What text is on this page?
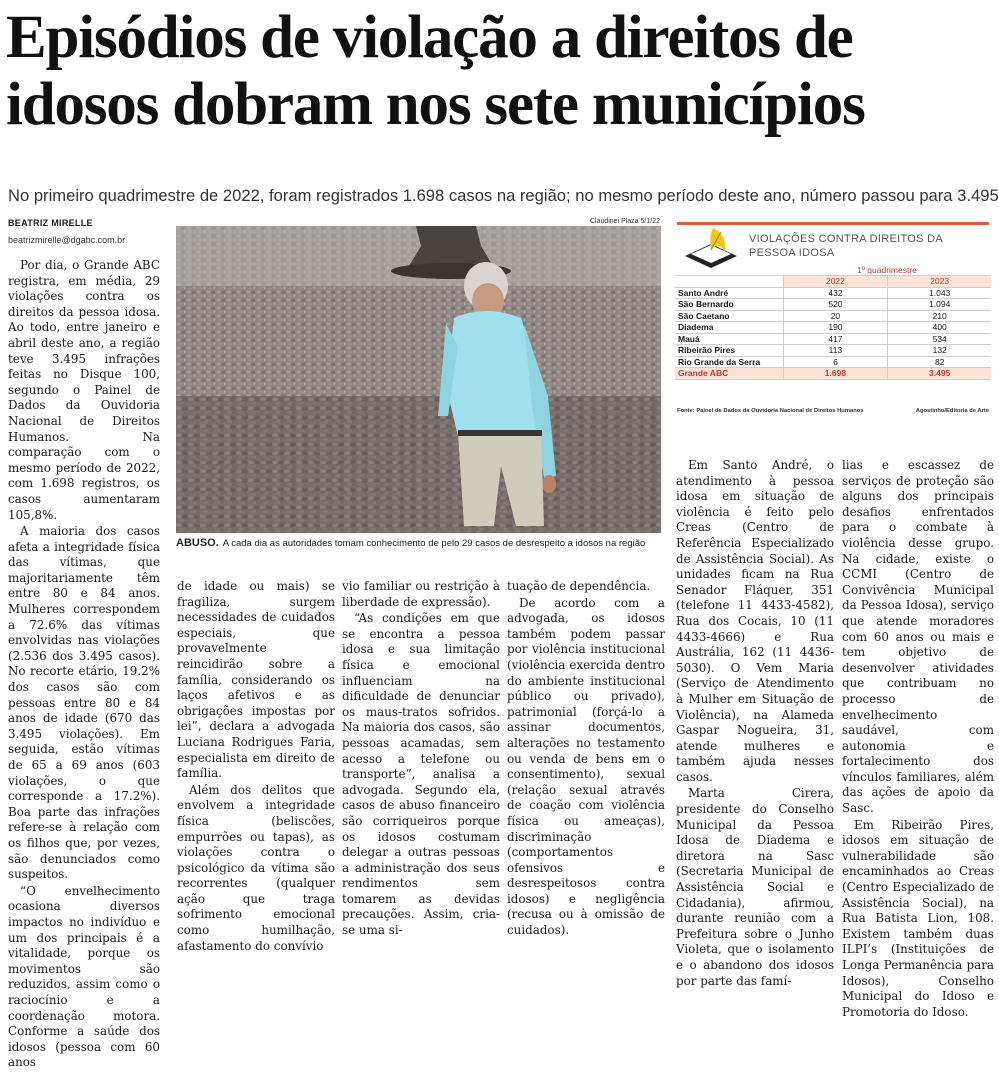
Episódios de violação a direitos de
idosos dobram nos sete municípios
No primeiro quadrimestre de 2022, foram registrados 1.698 casos na região; no mesmo período deste ano, número passou para 3.495
BEATRIZ MIRELLE
beatrizmirelle@dgabc.com.br

Por dia, o Grande ABC registra, em média, 29 violações contra os direitos da pessoa idosa. Ao todo, entre janeiro e abril deste ano, a região teve 3.495 infrações feitas no Disque 100, segundo o Painel de Dados da Ouvidoria Nacional de Direitos Humanos. Na comparação com o mesmo período de 2022, com 1.698 registros, os casos aumentaram 105,8%.

A maioria dos casos afeta a integridade física das vítimas, que majoritariamente têm entre 80 e 84 anos. Mulheres correspondem a 72.6% das vítimas envolvidas nas violações (2.536 dos 3.495 casos). No recorte etário, 19.2% dos casos são com pessoas entre 80 e 84 anos de idade (670 das 3.495 violações). Em seguida, estão vítimas de 65 a 69 anos (603 violações, o que corresponde a 17.2%). Boa parte das infrações refere-se à relação com os filhos que, por vezes, são denunciados como suspeitos.

“O envelhecimento ocasiona diversos impactos no indivíduo e um dos principais é a vitalidade, porque os movimentos são reduzidos, assim como o raciocínio e a coordenação motora. Conforme a saúde dos idosos (pessoa com 60 anos

Claudinei Plaza 5/1/22
ABUSO. A cada dia as autoridades tomam conhecimento de pelo 29 casos de desrespeito a idosos na região
VIOLAÇÕES CONTRA DIREITOS DA PESSOA IDOSA
	1º quadrimestre	
	2022	2023
Santo André	432	1.043
São Bernardo	520	1.094
São Caetano	20	210
Diadema	190	400
Mauá	417	534
Ribeirão Pires	113	132
Rio Grande da Serra	6	82
Grande ABC	1.698	3.495
Fonte: Painel de Dados da Ouvidoria Nacional de Direitos Humanos	Agostinho/Editoria de Arte

de idade ou mais) se fragiliza, surgem necessidades de cuidados especiais, que provavelmente reincidirão sobre a família, considerando os laços afetivos e as obrigações impostas por lei”, declara a advogada Luciana Rodrigues Faria, especialista em direito de família.

Além dos delitos que envolvem a integridade física (beliscões, empurrões ou tapas), as violações contra o psicológico da vítima são recorrentes (qualquer ação que traga sofrimento emocional como humilhação, afastamento do convívio

vio familiar ou restrição à liberdade de expressão).

“As condições em que se encontra a pessoa idosa e sua limitação física e emocional influenciam na dificuldade de denunciar os maus-tratos sofridos. Na maioria dos casos, são pessoas acamadas, sem acesso a telefone ou transporte”, analisa a advogada. Segundo ela, casos de abuso financeiro são corriqueiros porque os idosos costumam delegar a outras pessoas a administração dos seus rendimentos sem tomarem as devidas precauções. Assim, cria-se uma si-

tuação de dependência.

De acordo com a advogada, os idosos também podem passar por violência institucional (violência exercida dentro do ambiente institucional público ou privado), patrimonial (forçá-lo a assinar documentos, alterações no testamento ou venda de bens em o consentimento), sexual (relação sexual através de coação com violência física ou ameaças), discriminação (comportamentos ofensivos e desrespeitosos contra idosos) e negligência (recusa ou à omissão de cuidados).

Em Santo André, o atendimento à pessoa idosa em situação de violência é feito pelo Creas (Centro de Referência Especializado de Assistência Social). As unidades ficam na Rua Senador Fláquer, 351 (telefone 11 4433-4582), Rua dos Cocais, 10 (11 4433-4666) e Rua Austrália, 162 (11 4436-5030). O Vem Maria (Serviço de Atendimento à Mulher em Situação de Violência), na Alameda Gaspar Nogueira, 31, atende mulheres e também ajuda nesses casos.

Marta Cirera, presidente do Conselho Municipal da Pessoa Idosa de Diadema e diretora na Sasc (Secretaria Municipal de Assistência Social e Cidadania), afirmou, durante reunião com a Prefeitura sobre o Junho Violeta, que o isolamento e o abandono dos idosos por parte das famí-

lias e escassez de serviços de proteção são alguns dos principais desafios enfrentados para o combate à violência desse grupo. Na cidade, existe o CCMI (Centro de Convivência Municipal da Pessoa Idosa), serviço que atende moradores com 60 anos ou mais e tem objetivo de desenvolver atividades que contribuam no processo de envelhecimento saudável, com autonomia e fortalecimento dos vínculos familiares, além das ações de apoio da Sasc.

Em Ribeirão Pires, idosos em situação de vulnerabilidade são encaminhados ao Creas (Centro Especializado de Assistência Social), na Rua Batista Lion, 108. Existem também duas ILPI’s (Instituições de Longa Permanência para Idosos), Conselho Municipal do Idoso e Promotoria do Idoso.
